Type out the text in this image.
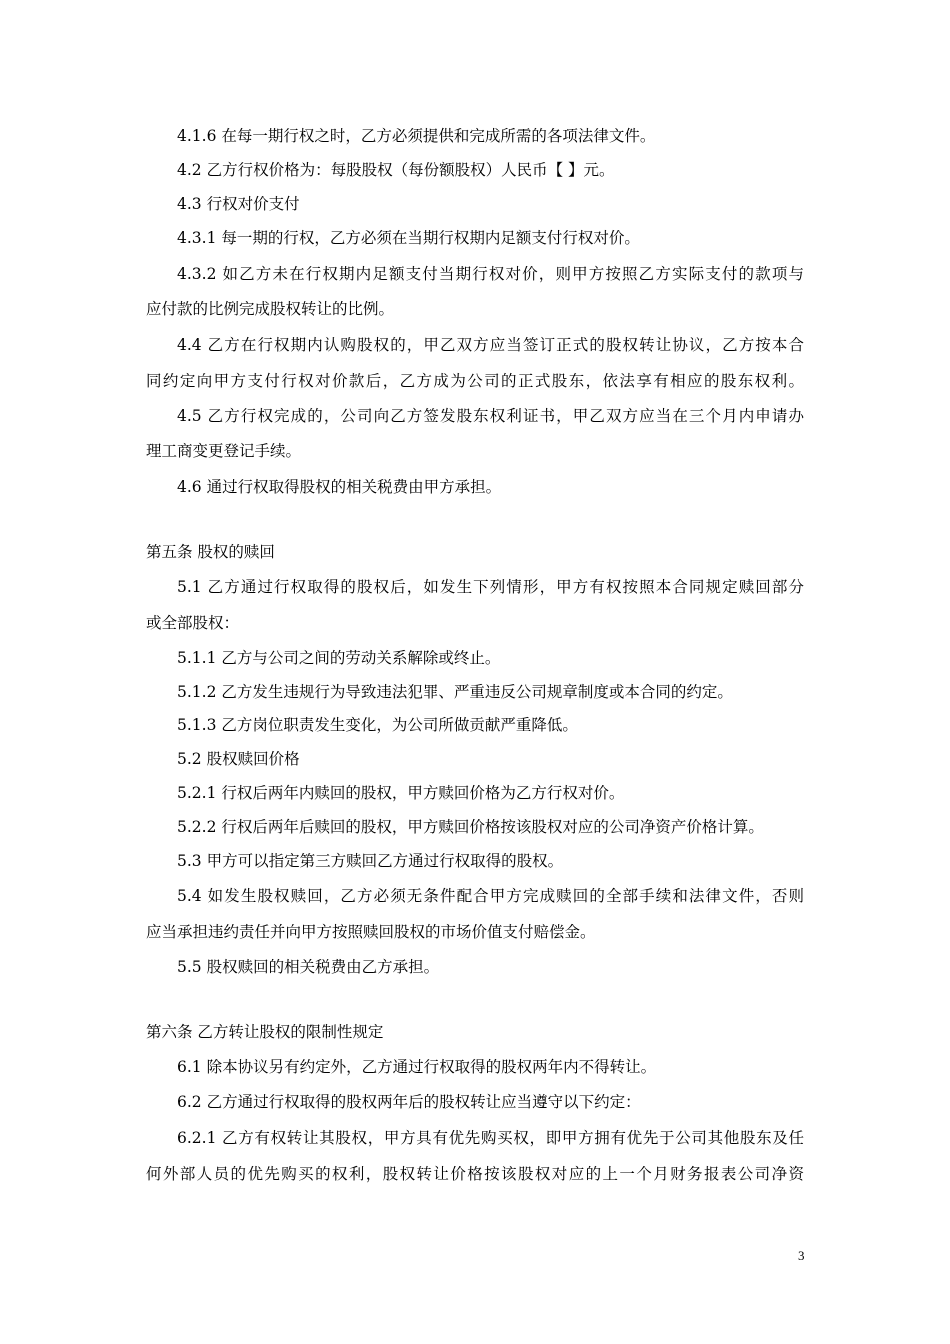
4.1.6 在每一期行权之时，乙方必须提供和完成所需的各项法律文件。
4.2 乙方行权价格为：每股股权（每份额股权）人民币【 】元。
4.3 行权对价支付
4.3.1 每一期的行权，乙方必须在当期行权期内足额支付行权对价。
4.3.2 如乙方未在行权期内足额支付当期行权对价，则甲方按照乙方实际支付的款项与
应付款的比例完成股权转让的比例。
4.4 乙方在行权期内认购股权的，甲乙双方应当签订正式的股权转让协议，乙方按本合
同约定向甲方支付行权对价款后，乙方成为公司的正式股东，依法享有相应的股东权利。
4.5 乙方行权完成的，公司向乙方签发股东权利证书，甲乙双方应当在三个月内申请办
理工商变更登记手续。
4.6 通过行权取得股权的相关税费由甲方承担。
第五条 股权的赎回
5.1 乙方通过行权取得的股权后，如发生下列情形，甲方有权按照本合同规定赎回部分
或全部股权：
5.1.1 乙方与公司之间的劳动关系解除或终止。
5.1.2 乙方发生违规行为导致违法犯罪、严重违反公司规章制度或本合同的约定。
5.1.3 乙方岗位职责发生变化，为公司所做贡献严重降低。
5.2 股权赎回价格
5.2.1 行权后两年内赎回的股权，甲方赎回价格为乙方行权对价。
5.2.2 行权后两年后赎回的股权，甲方赎回价格按该股权对应的公司净资产价格计算。
5.3 甲方可以指定第三方赎回乙方通过行权取得的股权。
5.4 如发生股权赎回，乙方必须无条件配合甲方完成赎回的全部手续和法律文件，否则
应当承担违约责任并向甲方按照赎回股权的市场价值支付赔偿金。
5.5 股权赎回的相关税费由乙方承担。
第六条 乙方转让股权的限制性规定
6.1 除本协议另有约定外，乙方通过行权取得的股权两年内不得转让。
6.2 乙方通过行权取得的股权两年后的股权转让应当遵守以下约定：
6.2.1 乙方有权转让其股权，甲方具有优先购买权，即甲方拥有优先于公司其他股东及任
何外部人员的优先购买的权利，股权转让价格按该股权对应的上一个月财务报表公司净资
3
